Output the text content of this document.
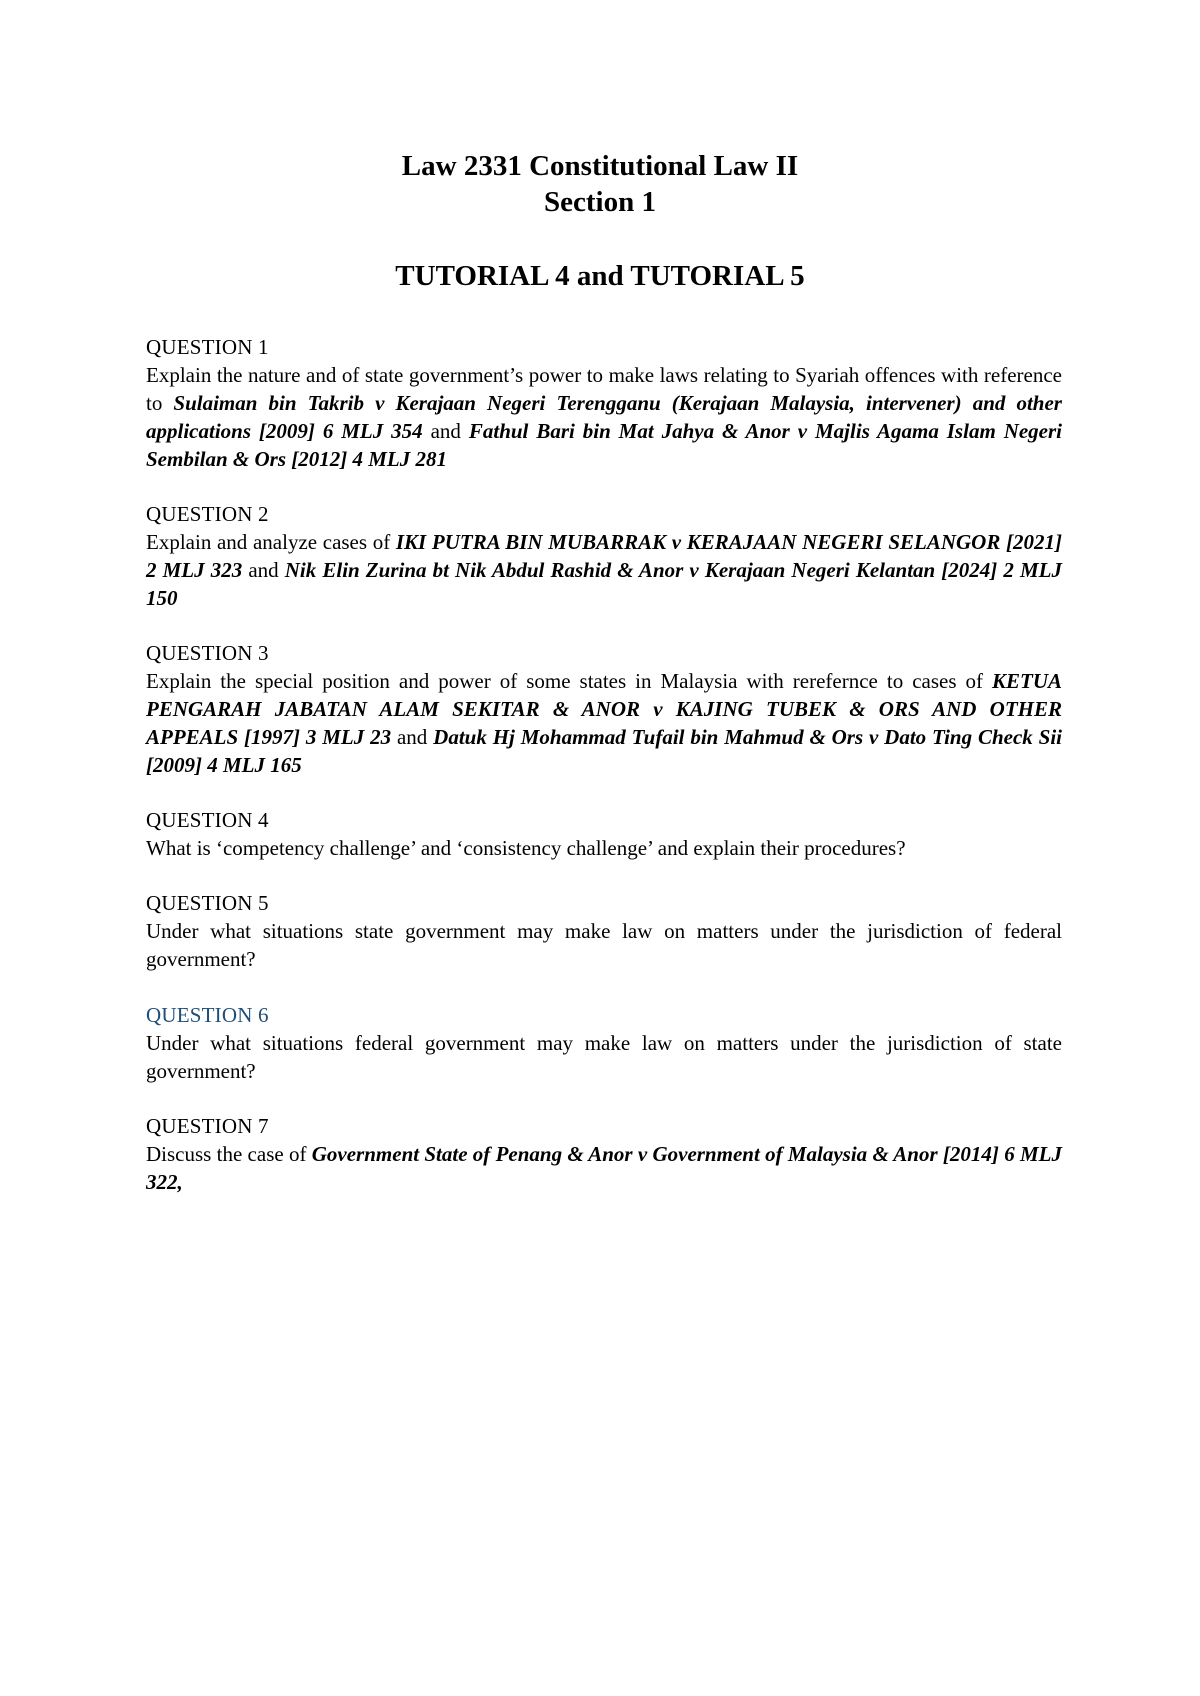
Law 2331 Constitutional Law II
Section 1
TUTORIAL 4 and TUTORIAL 5
QUESTION 1
Explain the nature and of state government’s power to make laws relating to Syariah offences with reference to Sulaiman bin Takrib v Kerajaan Negeri Terengganu (Kerajaan Malaysia, intervener) and other applications [2009] 6 MLJ 354 and Fathul Bari bin Mat Jahya & Anor v Majlis Agama Islam Negeri Sembilan & Ors [2012] 4 MLJ 281
QUESTION 2
Explain and analyze cases of IKI PUTRA BIN MUBARRAK v KERAJAAN NEGERI SELANGOR [2021] 2 MLJ 323 and Nik Elin Zurina bt Nik Abdul Rashid & Anor v Kerajaan Negeri Kelantan [2024] 2 MLJ 150
QUESTION 3
Explain the special position and power of some states in Malaysia with rerefernce to cases of KETUA PENGARAH JABATAN ALAM SEKITAR & ANOR v KAJING TUBEK & ORS AND OTHER APPEALS [1997] 3 MLJ 23 and Datuk Hj Mohammad Tufail bin Mahmud & Ors v Dato Ting Check Sii [2009] 4 MLJ 165
QUESTION 4
What is ‘competency challenge’ and ‘consistency challenge’ and explain their procedures?
QUESTION 5
Under what situations state government may make law on matters under the jurisdiction of federal government?
QUESTION 6
Under what situations federal government may make law on matters under the jurisdiction of state government?
QUESTION 7
Discuss the case of Government State of Penang & Anor v Government of Malaysia & Anor [2014] 6 MLJ 322,
